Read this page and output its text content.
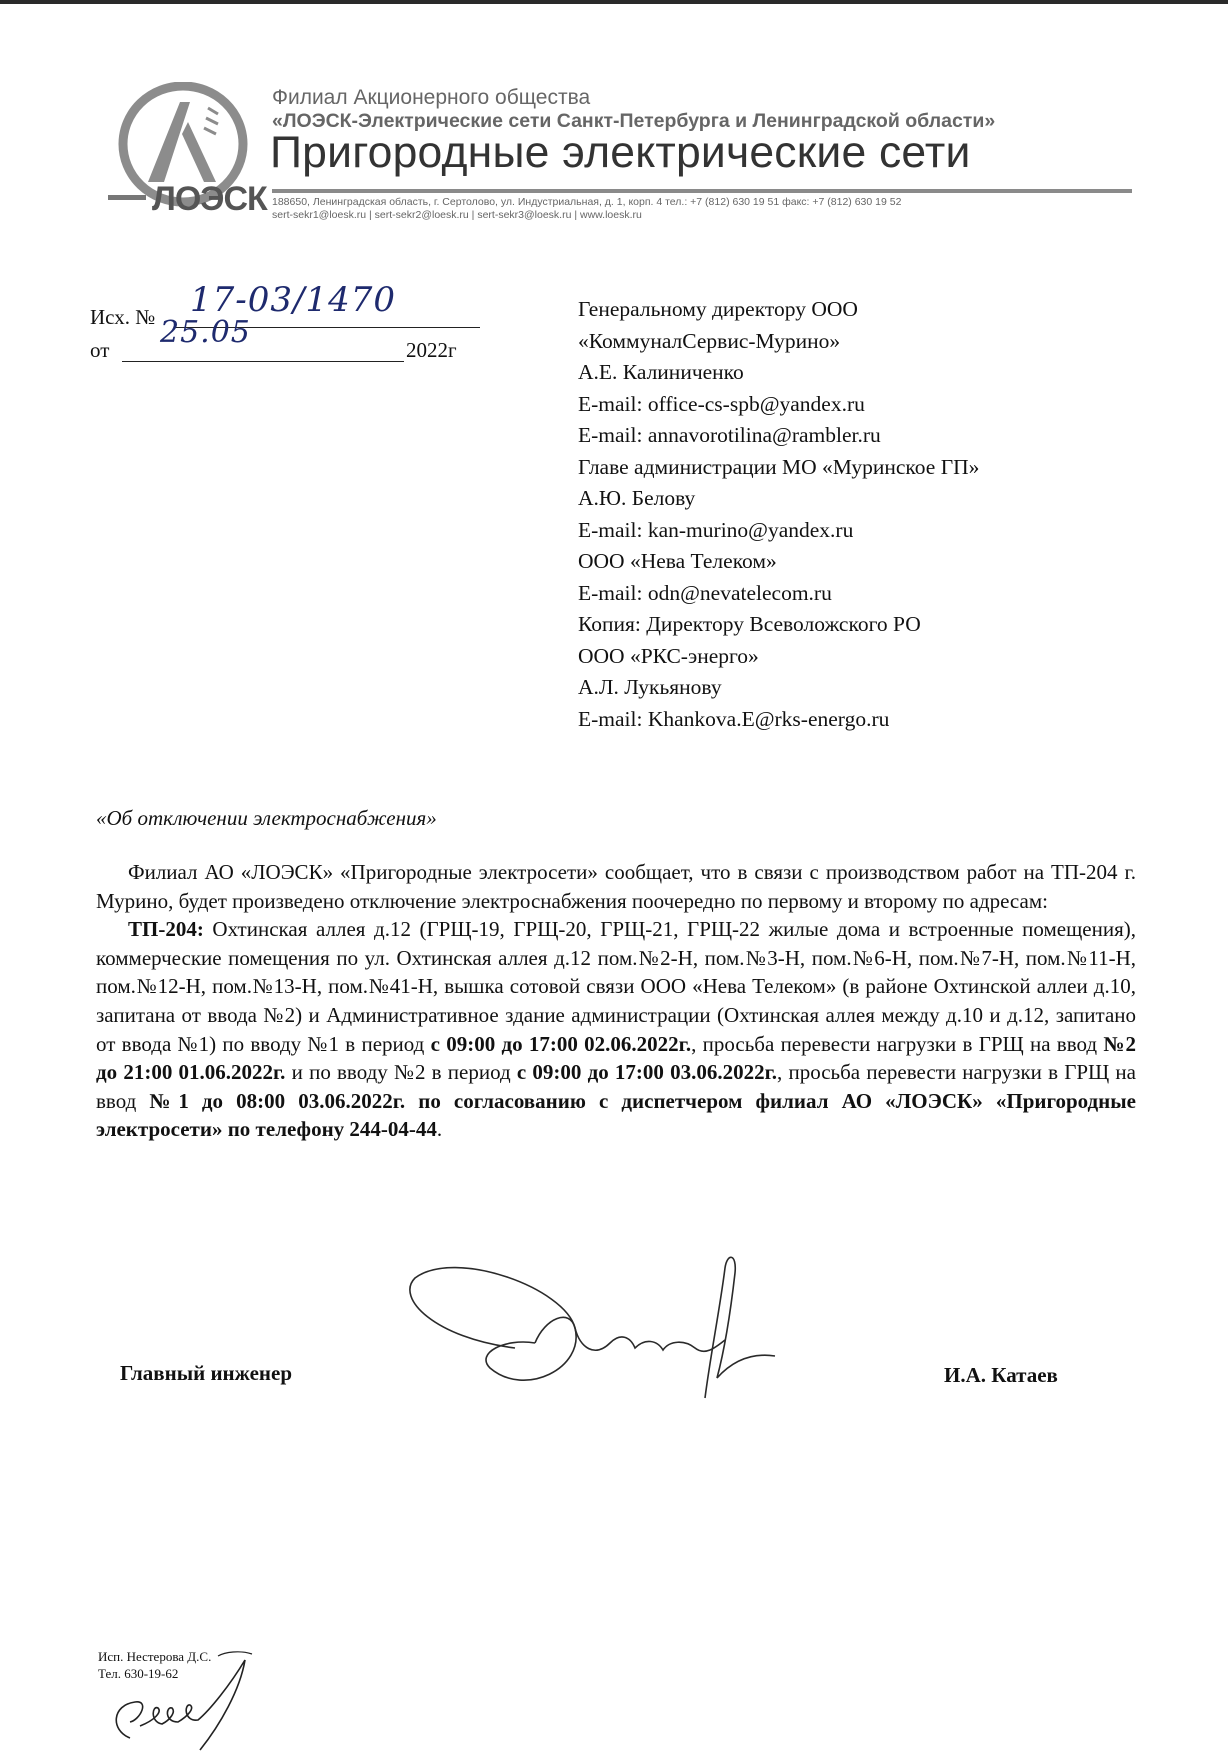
ЛОЭСК
Филиал Акционерного общества
«ЛОЭСК-Электрические сети Санкт-Петербурга и Ленинградской области»
Пригородные электрические сети
188650, Ленинградская область, г. Сертолово, ул. Индустриальная, д. 1, корп. 4 тел.: +7 (812) 630 19 51 факс: +7 (812) 630 19 52
sert-sekr1@loesk.ru | sert-sekr2@loesk.ru | sert-sekr3@loesk.ru | www.loesk.ru
Исх. № 17-03/1470
от 25.05	2022г
Генеральному директору ООО
«КоммуналСервис-Мурино»
А.Е. Калиниченко
E-mail: office-cs-spb@yandex.ru
E-mail: annavorotilina@rambler.ru
Главе администрации МО «Муринское ГП»
А.Ю. Белову
E-mail: kan-murino@yandex.ru
ООО «Нева Телеком»
E-mail: odn@nevatelecom.ru
Копия: Директору Всеволожского РО
ООО «РКС-энерго»
А.Л. Лукьянову
E-mail: Khankova.E@rks-energo.ru
«Об отключении электроснабжения»

Филиал АО «ЛОЭСК» «Пригородные электросети» сообщает, что в связи с производством работ на ТП-204 г. Мурино, будет произведено отключение электроснабжения поочередно по первому и второму по адресам:

ТП-204: Охтинская аллея д.12 (ГРЩ-19, ГРЩ-20, ГРЩ-21, ГРЩ-22 жилые дома и встроенные помещения), коммерческие помещения по ул. Охтинская аллея д.12 пом.№2-Н, пом.№3-Н, пом.№6-Н, пом.№7-Н, пом.№11-Н, пом.№12-Н, пом.№13-Н, пом.№41-Н, вышка сотовой связи ООО «Нева Телеком» (в районе Охтинской аллеи д.10, запитана от ввода №2) и Административное здание администрации (Охтинская аллея между д.10 и д.12, запитано от ввода №1) по вводу №1 в период с 09:00 до 17:00 02.06.2022г., просьба перевести нагрузки в ГРЩ на ввод №2 до 21:00 01.06.2022г. и по вводу №2 в период с 09:00 до 17:00 03.06.2022г., просьба перевести нагрузки в ГРЩ на ввод №1 до 08:00 03.06.2022г. по согласованию с диспетчером филиал АО «ЛОЭСК» «Пригородные электросети» по телефону 244-04-44.

Главный инженер	И.А. Катаев
Исп. Нестерова Д.С.
Тел. 630-19-62
